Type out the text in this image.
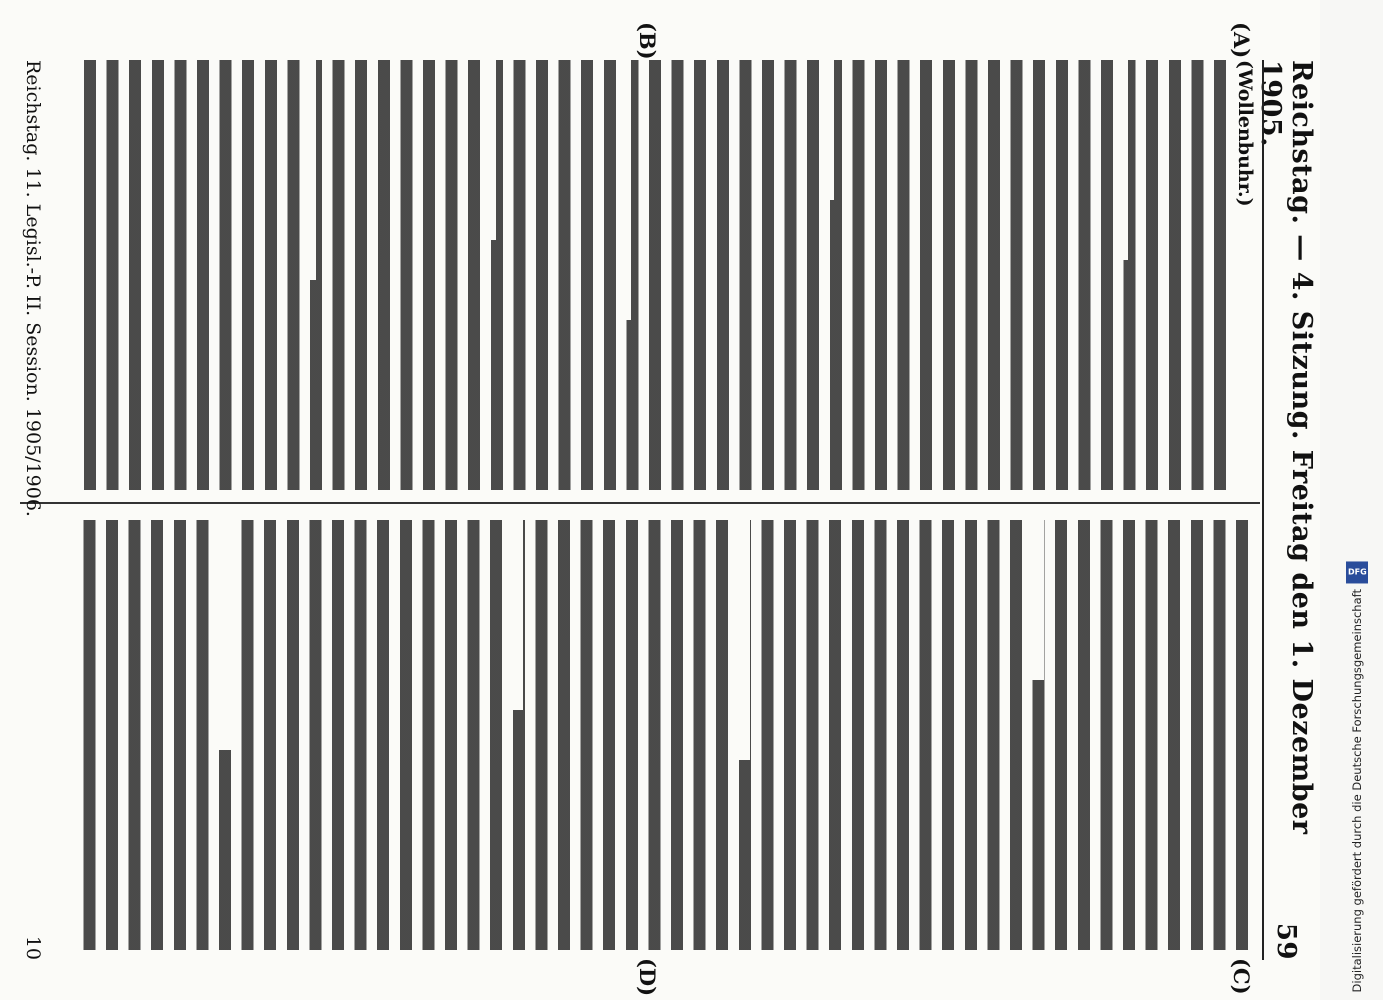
Reichstag. — 4. Sitzung. Freitag den 1. Dezember 1905.
59
(Wollenbuhr.)
(A)
(B)
(C)
(D)
Reichstag. 11. Legisl.-P. II. Session. 1905/1906.
10	Digitalisierung gefördert durch die Deutsche Forschungsgemeinschaft
DFG
